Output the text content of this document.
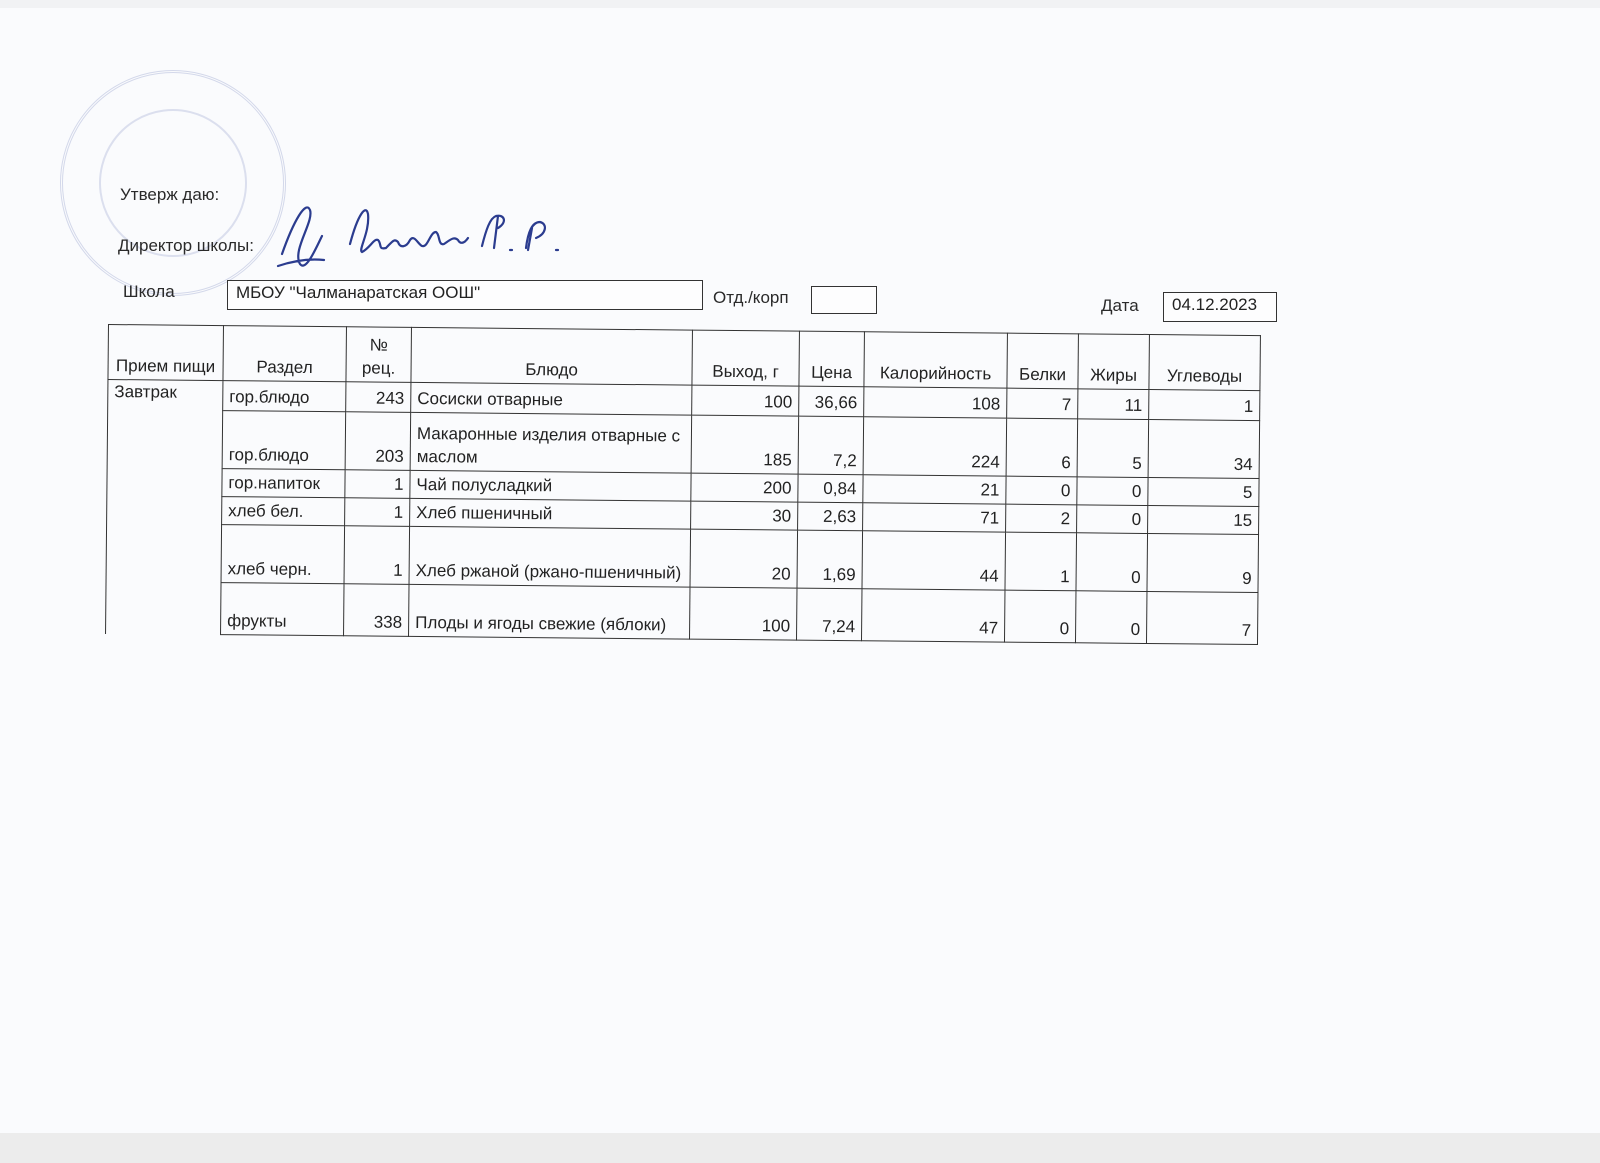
Утверж даю:
Директор школы:
Школа	МБОУ "Чалманаратская ООШ"	Отд./корп	Дата	04.12.2023
Прием пищи	Раздел	№ рец.	Блюдо	Выход, г	Цена	Калорийность	Белки	Жиры	Углеводы
Завтрак	гор.блюдо	243	Сосиски отварные	100	36,66	108	7	11	1
	гор.блюдо	203	Макаронные изделия отварные с маслом	185	7,2	224	6	5	34
	гор.напиток	1	Чай полусладкий	200	0,84	21	0	0	5
	хлеб бел.	1	Хлеб пшеничный	30	2,63	71	2	0	15
	хлеб черн.	1	Хлеб ржаной (ржано-пшеничный)	20	1,69	44	1	0	9
	фрукты	338	Плоды и ягоды свежие (яблоки)	100	7,24	47	0	0	7
